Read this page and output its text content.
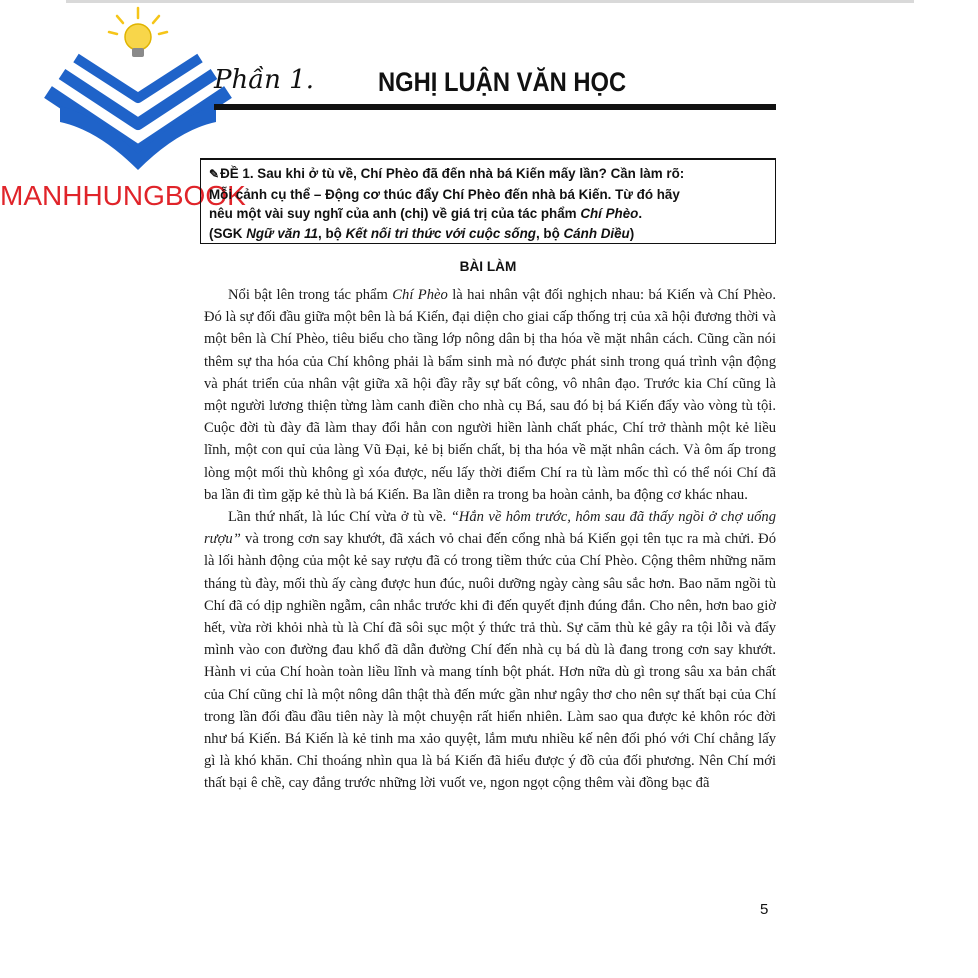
MANHHUNGBOOK
Phần 1. NGHỊ LUẬN VĂN HỌC
✎ĐỀ 1. Sau khi ở tù về, Chí Phèo đã đến nhà bá Kiến mấy lần? Cần làm rõ:
Mỗi cảnh cụ thể – Động cơ thúc đẩy Chí Phèo đến nhà bá Kiến. Từ đó hãy
nêu một vài suy nghĩ của anh (chị) về giá trị của tác phẩm Chí Phèo.
(SGK Ngữ văn 11, bộ Kết nối tri thức với cuộc sống, bộ Cánh Diều)
BÀI LÀM

Nổi bật lên trong tác phẩm Chí Phèo là hai nhân vật đối nghịch nhau: bá Kiến và Chí Phèo. Đó là sự đối đầu giữa một bên là bá Kiến, đại diện cho giai cấp thống trị của xã hội đương thời và một bên là Chí Phèo, tiêu biểu cho tầng lớp nông dân bị tha hóa về mặt nhân cách. Cũng cần nói thêm sự tha hóa của Chí không phải là bẩm sinh mà nó được phát sinh trong quá trình vận động và phát triển của nhân vật giữa xã hội đầy rẫy sự bất công, vô nhân đạo. Trước kia Chí cũng là một người lương thiện từng làm canh điền cho nhà cụ Bá, sau đó bị bá Kiến đẩy vào vòng tù tội. Cuộc đời tù đày đã làm thay đổi hẳn con người hiền lành chất phác, Chí trở thành một kẻ liều lĩnh, một con quỉ của làng Vũ Đại, kẻ bị biến chất, bị tha hóa về mặt nhân cách. Và ôm ấp trong lòng một mối thù không gì xóa được, nếu lấy thời điểm Chí ra tù làm mốc thì có thể nói Chí đã ba lần đi tìm gặp kẻ thù là bá Kiến. Ba lần diễn ra trong ba hoàn cảnh, ba động cơ khác nhau.

Lần thứ nhất, là lúc Chí vừa ở tù về. “Hắn về hôm trước, hôm sau đã thấy ngồi ở chợ uống rượu” và trong cơn say khướt, đã xách vỏ chai đến cổng nhà bá Kiến gọi tên tục ra mà chửi. Đó là lối hành động của một kẻ say rượu đã có trong tiềm thức của Chí Phèo. Cộng thêm những năm tháng tù đày, mối thù ấy càng được hun đúc, nuôi dưỡng ngày càng sâu sắc hơn. Bao năm ngồi tù Chí đã có dịp nghiền ngẫm, cân nhắc trước khi đi đến quyết định đúng đắn. Cho nên, hơn bao giờ hết, vừa rời khỏi nhà tù là Chí đã sôi sục một ý thức trả thù. Sự căm thù kẻ gây ra tội lỗi và đẩy mình vào con đường đau khổ đã dẫn đường Chí đến nhà cụ bá dù là đang trong cơn say khướt. Hành vi của Chí hoàn toàn liều lĩnh và mang tính bột phát. Hơn nữa dù gì trong sâu xa bản chất của Chí cũng chỉ là một nông dân thật thà đến mức gần như ngây thơ cho nên sự thất bại của Chí trong lần đối đầu đầu tiên này là một chuyện rất hiển nhiên. Làm sao qua được kẻ khôn róc đời như bá Kiến. Bá Kiến là kẻ tinh ma xảo quyệt, lắm mưu nhiều kế nên đối phó với Chí chẳng lấy gì là khó khăn. Chỉ thoáng nhìn qua là bá Kiến đã hiểu được ý đồ của đối phương. Nên Chí mới thất bại ê chề, cay đắng trước những lời vuốt ve, ngon ngọt cộng thêm vài đồng bạc đã

5
